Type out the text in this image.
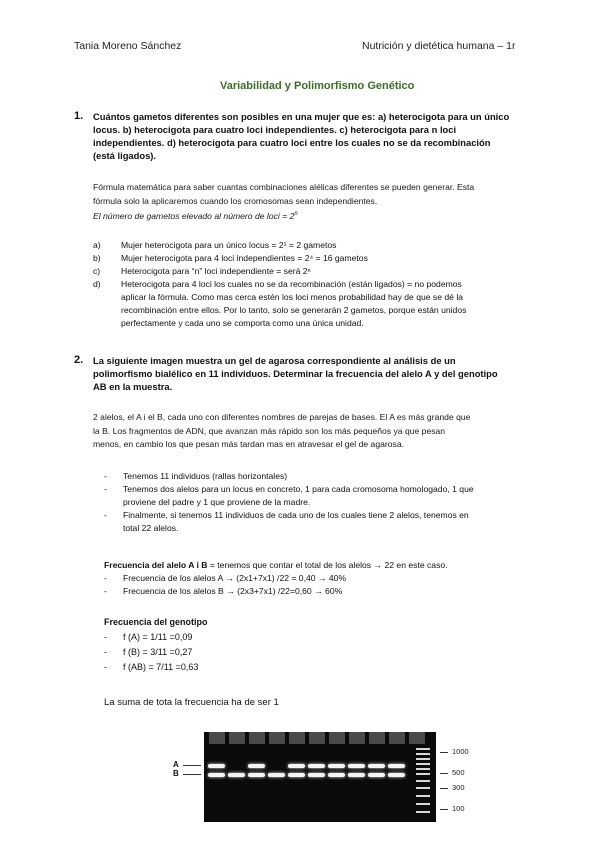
Tania Moreno Sánchez	Nutrición y dietética humana – 1r
Variabilidad y Polimorfismo Genético
1. Cuántos gametos diferentes son posibles en una mujer que es: a) heterocigota para un único
locus. b) heterocigota para cuatro loci independientes. c) heterocigota para n loci
independientes. d) heterocigota para cuatro loci entre los cuales no se da recombinación
(está ligados).
Fórmula matemática para saber cuantas combinaciones alélicas diferentes se pueden generar. Esta
fórmula solo la aplicaremos cuando los cromosomas sean independientes.
El número de gametos elevado al número de loci = $2^n$
a) Mujer heterocigota para un único locus = 2¹ = 2 gametos
b) Mujer heterocigota para 4 loci independientes = 2⁴ = 16 gametos
c) Heterocigota para “n” loci independiente = será 2ⁿ
d) Heterocigota para 4 loci los cuales no se da recombinación (están ligados) = no podemos
aplicar la fórmula. Como mas cerca estén los loci menos probabilidad hay de que se dé la
recombinación entre ellos. Por lo tanto, solo se generarán 2 gametos, porque están unidos
perfectamente y cada uno se comporta como una única unidad.
2. La siguiente imagen muestra un gel de agarosa correspondiente al análisis de un
polimorfismo bialélico en 11 individuos. Determinar la frecuencia del alelo A y del genotipo
AB en la muestra.
2 alelos, el A i el B, cada uno con diferentes nombres de parejas de bases. El A es más grande que
la B. Los fragmentos de ADN, que avanzan más rápido son los más pequeños ya que pesan
menos, en cambio los que pesan más tardan mas en atravesar el gel de agarosa.
-	Tenemos 11 individuos (rallas horizontales)
-	Tenemos dos alelos para un locus en concreto, 1 para cada cromosoma homologado, 1 que
proviene del padre y 1 que proviene de la madre.
-	Finalmente, si tenemos 11 individuos de cada uno de los cuales tiene 2 alelos, tenemos en
total 22 alelos.
Frecuencia del alelo A i B = tenemos que contar el total de los alelos → 22 en este caso.
-	Frecuencia de los alelos A → (2x1+7x1) /22 = 0,40 → 40%
-	Frecuencia de los alelos B → (2x3+7x1) /22=0,60 → 60%
Frecuencia del genotipo
-	f (A) = 1/11 =0,09
-	f (B) = 3/11 =0,27
-	f (AB) = 7/11 =0,63
La suma de tota la frecuencia ha de ser 1
A
B
1000
500
300
100
